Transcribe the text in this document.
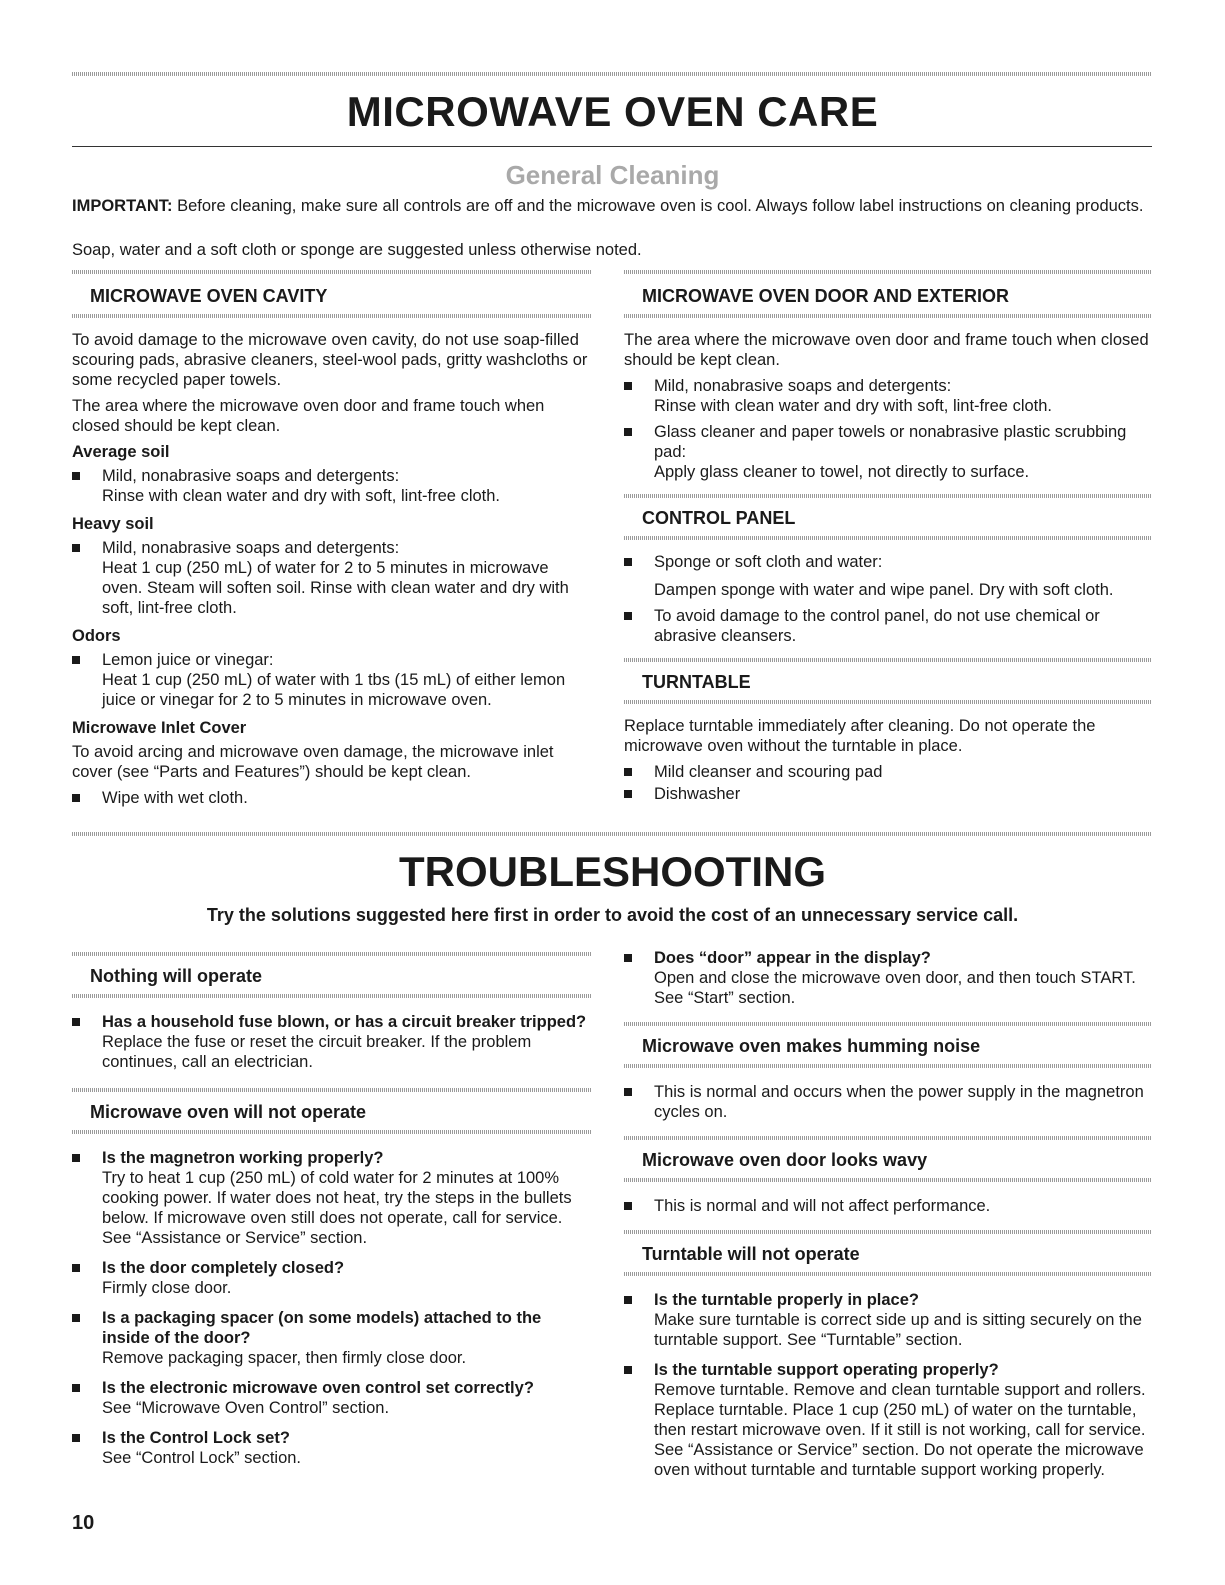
MICROWAVE OVEN CARE
General Cleaning
IMPORTANT: Before cleaning, make sure all controls are off and the microwave oven is cool. Always follow label instructions on cleaning products.
Soap, water and a soft cloth or sponge are suggested unless otherwise noted.
MICROWAVE OVEN CAVITY
To avoid damage to the microwave oven cavity, do not use soap-filled scouring pads, abrasive cleaners, steel-wool pads, gritty washcloths or some recycled paper towels.
The area where the microwave oven door and frame touch when closed should be kept clean.
Average soil
Mild, nonabrasive soaps and detergents:
Rinse with clean water and dry with soft, lint-free cloth.
Heavy soil
Mild, nonabrasive soaps and detergents:
Heat 1 cup (250 mL) of water for 2 to 5 minutes in microwave oven. Steam will soften soil. Rinse with clean water and dry with soft, lint-free cloth.
Odors
Lemon juice or vinegar:
Heat 1 cup (250 mL) of water with 1 tbs (15 mL) of either lemon juice or vinegar for 2 to 5 minutes in microwave oven.
Microwave Inlet Cover
To avoid arcing and microwave oven damage, the microwave inlet cover (see “Parts and Features”) should be kept clean.
Wipe with wet cloth.
MICROWAVE OVEN DOOR AND EXTERIOR
The area where the microwave oven door and frame touch when closed should be kept clean.
Mild, nonabrasive soaps and detergents:
Rinse with clean water and dry with soft, lint-free cloth.
Glass cleaner and paper towels or nonabrasive plastic scrubbing pad:
Apply glass cleaner to towel, not directly to surface.
CONTROL PANEL
Sponge or soft cloth and water:
Dampen sponge with water and wipe panel. Dry with soft cloth.
To avoid damage to the control panel, do not use chemical or abrasive cleansers.
TURNTABLE
Replace turntable immediately after cleaning. Do not operate the microwave oven without the turntable in place.
Mild cleanser and scouring pad
Dishwasher
TROUBLESHOOTING
Try the solutions suggested here first in order to avoid the cost of an unnecessary service call.
Nothing will operate
Has a household fuse blown, or has a circuit breaker tripped?
Replace the fuse or reset the circuit breaker. If the problem continues, call an electrician.
Microwave oven will not operate
Is the magnetron working properly?
Try to heat 1 cup (250 mL) of cold water for 2 minutes at 100% cooking power. If water does not heat, try the steps in the bullets below. If microwave oven still does not operate, call for service. See “Assistance or Service” section.
Is the door completely closed?
Firmly close door.
Is a packaging spacer (on some models) attached to the inside of the door?
Remove packaging spacer, then firmly close door.
Is the electronic microwave oven control set correctly?
See “Microwave Oven Control” section.
Is the Control Lock set?
See “Control Lock” section.
Does “door” appear in the display?
Open and close the microwave oven door, and then touch START. See “Start” section.
Microwave oven makes humming noise
This is normal and occurs when the power supply in the magnetron cycles on.
Microwave oven door looks wavy
This is normal and will not affect performance.
Turntable will not operate
Is the turntable properly in place?
Make sure turntable is correct side up and is sitting securely on the turntable support. See “Turntable” section.
Is the turntable support operating properly?
Remove turntable. Remove and clean turntable support and rollers. Replace turntable. Place 1 cup (250 mL) of water on the turntable, then restart microwave oven. If it still is not working, call for service. See “Assistance or Service” section. Do not operate the microwave oven without turntable and turntable support working properly.
10
